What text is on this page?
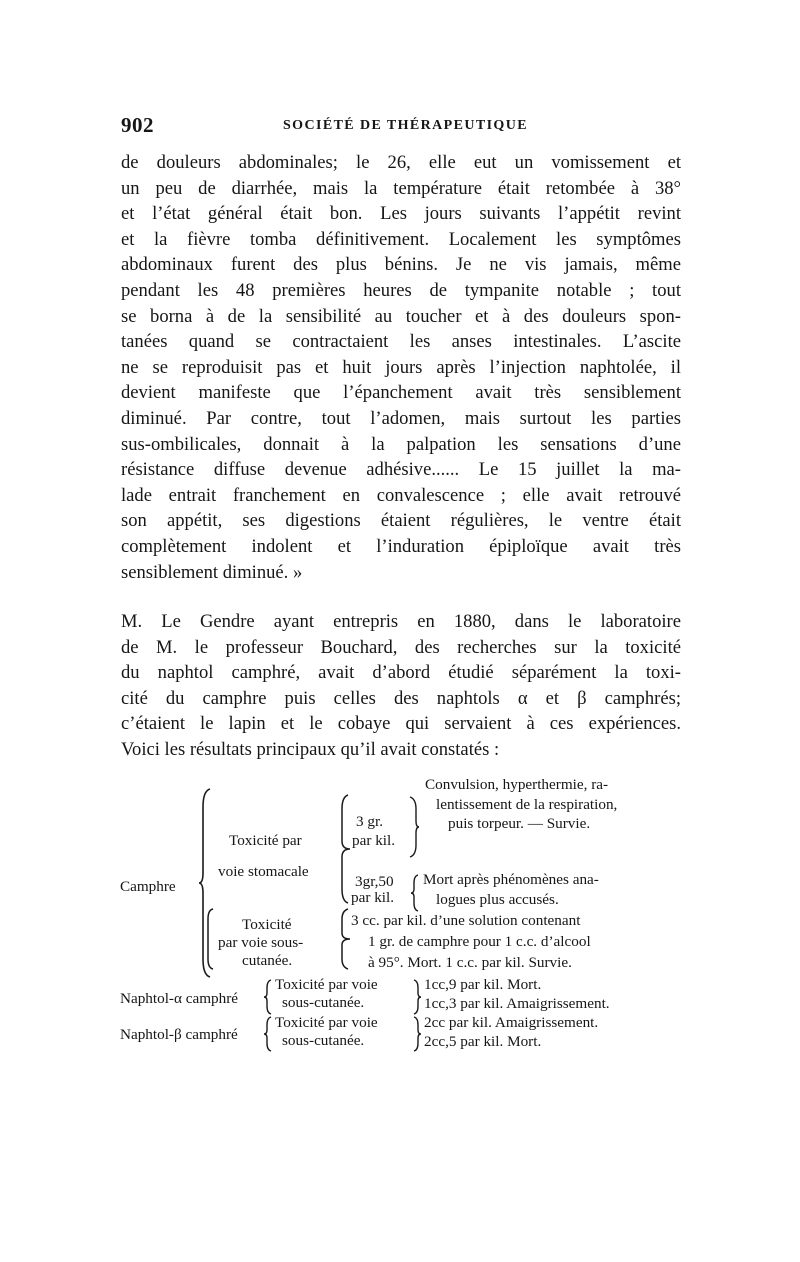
902	SOCIÉTÉ DE THÉRAPEUTIQUE
de douleurs abdominales; le 26, elle eut un vomissement et
un peu de diarrhée, mais la température était retombée à 38°
et l’état général était bon. Les jours suivants l’appétit revint
et la fièvre tomba définitivement. Localement les symptômes
abdominaux furent des plus bénins. Je ne vis jamais, même
pendant les 48 premières heures de tympanite notable ; tout
se borna à de la sensibilité au toucher et à des douleurs spon-
tanées quand se contractaient les anses intestinales. L’ascite
ne se reproduisit pas et huit jours après l’injection naphtolée, il
devient manifeste que l’épanchement avait très sensiblement
diminué. Par contre, tout l’adomen, mais surtout les parties
sus-ombilicales, donnait à la palpation les sensations d’une
résistance diffuse devenue adhésive...... Le 15 juillet la ma-
lade entrait franchement en convalescence ; elle avait retrouvé
son appétit, ses digestions étaient régulières, le ventre était
complètement indolent et l’induration épiploïque avait très
sensiblement diminué. »
M. Le Gendre ayant entrepris en 1880, dans le laboratoire
de M. le professeur Bouchard, des recherches sur la toxicité
du naphtol camphré, avait d’abord étudié séparément la toxi-
cité du camphre puis celles des naphtols α et β camphrés;
c’étaient le lapin et le cobaye qui servaient à ces expériences.
Voici les résultats principaux qu’il avait constatés :
Camphre
Toxicité par
voie stomacale
3 gr.
par kil.
Convulsion, hyperthermie, ra-
lentissement de la respiration,
puis torpeur. — Survie.
3gr,50
par kil.
Mort après phénomènes ana-
logues plus accusés.
Toxicité
par voie sous-
cutanée.
3 cc. par kil. d’une solution contenant
1 gr. de camphre pour 1 c.c. d’alcool
à 95°. Mort. 1 c.c. par kil. Survie.
Naphtol-α camphré
Toxicité par voie
sous-cutanée.
1cc,9 par kil. Mort.
1cc,3 par kil. Amaigrissement.
Naphtol-β camphré
Toxicité par voie
sous-cutanée.
2cc par kil. Amaigrissement.
2cc,5 par kil. Mort.
